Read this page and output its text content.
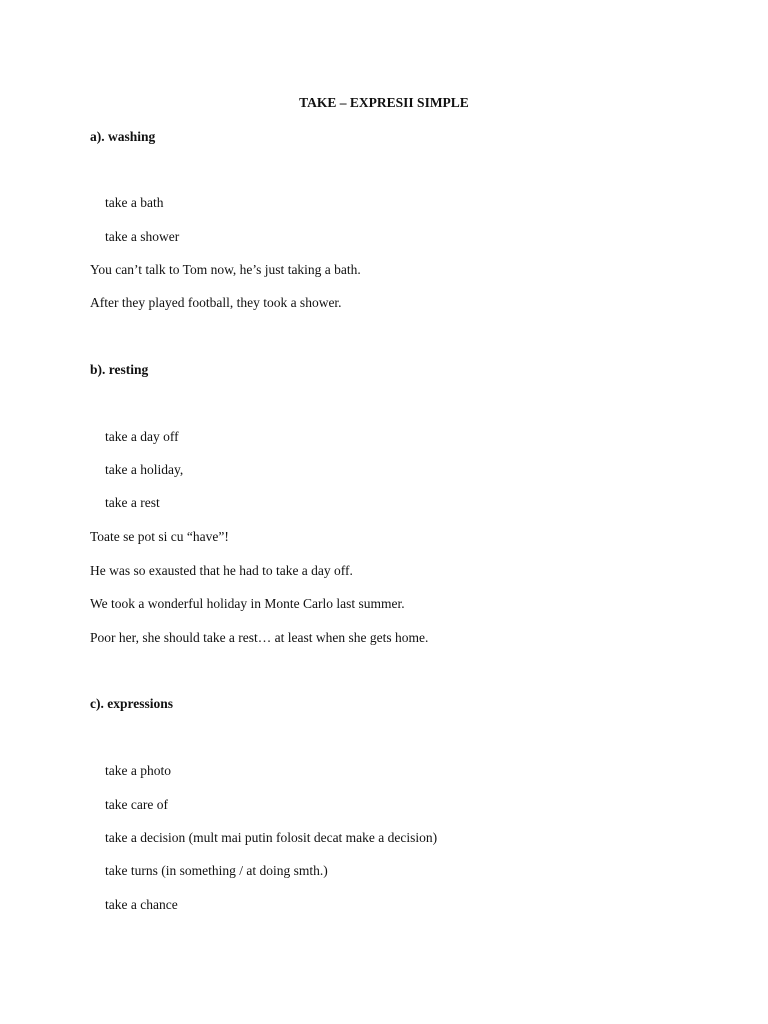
TAKE – EXPRESII SIMPLE
a). washing
take a bath
take a shower
You can’t talk to Tom now, he’s just taking a bath.
After they played football, they took a shower.
b). resting
take a day off
take a holiday,
take a rest
Toate se pot si cu “have”!
He was so exausted that he had to take a day off.
We took a wonderful holiday in Monte Carlo last summer.
Poor her, she should take a rest… at least when she gets home.
c). expressions
take a photo
take care of
take a decision (mult mai putin folosit decat make a decision)
take turns (in something / at doing smth.)
take a chance
